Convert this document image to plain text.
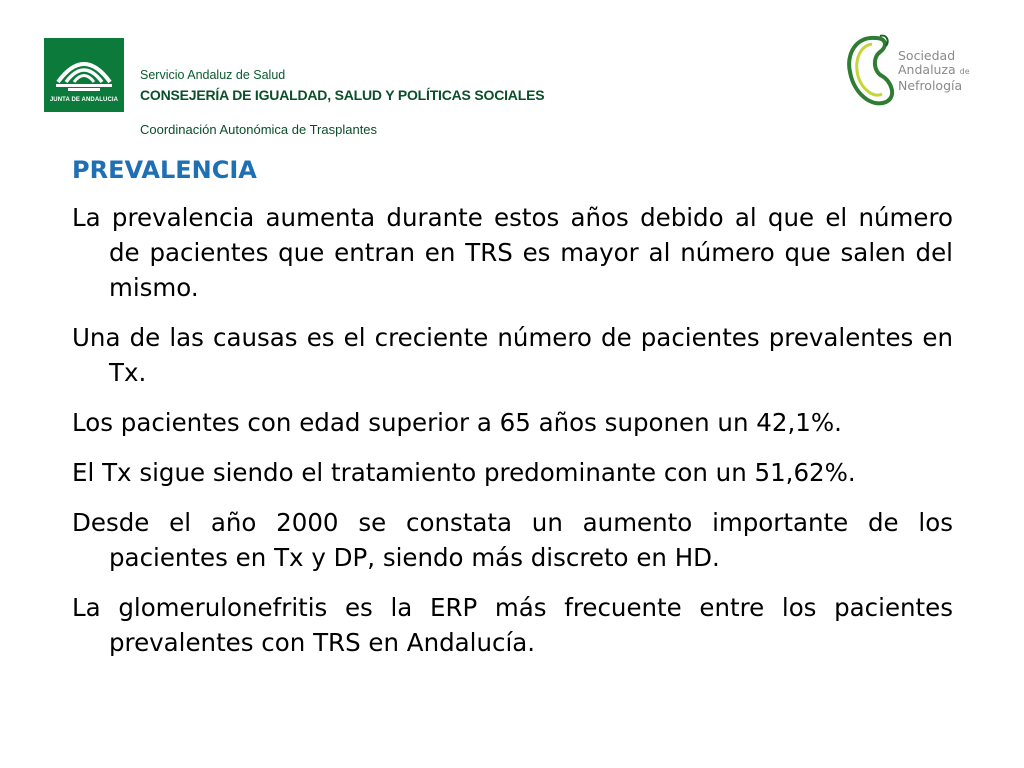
JUNTA DE ANDALUCIA
Servicio Andaluz de Salud
CONSEJERÍA DE IGUALDAD, SALUD Y POLÍTICAS SOCIALES
Coordinación Autonómica de Trasplantes
Sociedad
Andaluza de
Nefrología
PREVALENCIA

La prevalencia aumenta durante estos años debido al que el número de pacientes que entran en TRS es mayor al número que salen del mismo.

Una de las causas es el creciente número de pacientes prevalentes en Tx.

Los pacientes con edad superior a 65 años suponen un 42,1%.

El Tx sigue siendo el tratamiento predominante con un 51,62%.

Desde el año 2000 se constata un aumento importante de los pacientes en Tx y DP, siendo más discreto en HD.

La glomerulonefritis es la ERP más frecuente entre los pacientes prevalentes con TRS en Andalucía.
